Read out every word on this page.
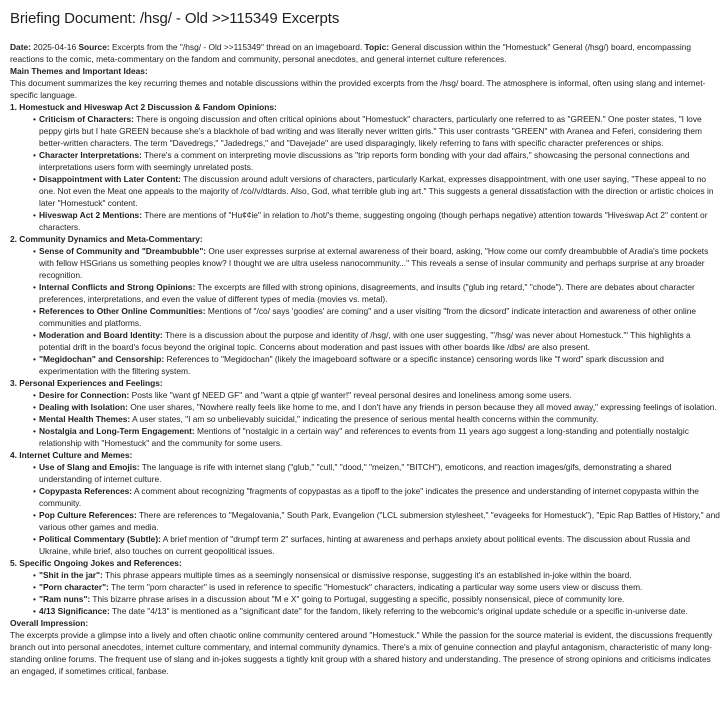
Briefing Document: /hsg/ - Old >>115349 Excerpts

Date: 2025-04-16 Source: Excerpts from the "/hsg/ - Old >>115349" thread on an imageboard. Topic: General discussion within the "Homestuck" General (/hsg/) board, encompassing reactions to the comic, meta-commentary on the fandom and community, personal anecdotes, and general internet culture references.

Main Themes and Important Ideas:

This document summarizes the key recurring themes and notable discussions within the provided excerpts from the /hsg/ board. The atmosphere is informal, often using slang and internet-specific language.

1. Homestuck and Hiveswap Act 2 Discussion & Fandom Opinions:

• Criticism of Characters: There is ongoing discussion and often critical opinions about "Homestuck" characters, particularly one referred to as "GREEN." One poster states, "I love peppy girls but I hate GREEN because she's a blackhole of bad writing and was literally never written girls." This user contrasts "GREEN" with Aranea and Feferi, considering them better-written characters. The term "Davedregs," "Jadedregs," and "Davejade" are used disparagingly, likely referring to fans with specific character preferences or ships.
• Character Interpretations: There's a comment on interpreting movie discussions as "trip reports form bonding with your dad affairs," showcasing the personal connections and interpretations users form with seemingly unrelated posts.
• Disappointment with Later Content: The discussion around adult versions of characters, particularly Karkat, expresses disappointment, with one user saying, "These appeal to no one. Not even the Meat one appeals to the majority of /co//v/dtards. Also, God, what terrible glub ing art." This suggests a general dissatisfaction with the direction or artistic choices in later "Homestuck" content.
• Hiveswap Act 2 Mentions: There are mentions of "Hu¢¢ie" in relation to /hot/'s theme, suggesting ongoing (though perhaps negative) attention towards "Hiveswap Act 2" content or characters.

2. Community Dynamics and Meta-Commentary:

• Sense of Community and "Dreambubble": One user expresses surprise at external awareness of their board, asking, "How come our comfy dreambubble of Aradia's time pockets with fellow HSGrians us something peoples know? I thought we are ultra useless nanocommunity..." This reveals a sense of insular community and perhaps surprise at any broader recognition.
• Internal Conflicts and Strong Opinions: The excerpts are filled with strong opinions, disagreements, and insults ("glub ing retard," "chode"). There are debates about character preferences, interpretations, and even the value of different types of media (movies vs. metal).
• References to Other Online Communities: Mentions of "/co/ says 'goodies' are coming" and a user visiting "from the dicsord" indicate interaction and awareness of other online communities and platforms.
• Moderation and Board Identity: There is a discussion about the purpose and identity of /hsg/, with one user suggesting, "'/hsg/ was never about Homestuck.'" This highlights a potential drift in the board's focus beyond the original topic. Concerns about moderation and past issues with other boards like /dbs/ are also present.
• "Megidochan" and Censorship: References to "Megidochan" (likely the imageboard software or a specific instance) censoring words like "f word" spark discussion and experimentation with the filtering system.

3. Personal Experiences and Feelings:

• Desire for Connection: Posts like "want gf NEED GF" and "want a qtpie gf wanter!" reveal personal desires and loneliness among some users.
• Dealing with Isolation: One user shares, "Nowhere really feels like home to me, and I don't have any friends in person because they all moved away," expressing feelings of isolation.
• Mental Health Themes: A user states, "I am so unbelievably suicidal," indicating the presence of serious mental health concerns within the community.
• Nostalgia and Long-Term Engagement: Mentions of "nostalgic in a certain way" and references to events from 11 years ago suggest a long-standing and potentially nostalgic relationship with "Homestuck" and the community for some users.

4. Internet Culture and Memes:

• Use of Slang and Emojis: The language is rife with internet slang ("glub," "cull," "dood," "meizen," "BITCH"), emoticons, and reaction images/gifs, demonstrating a shared understanding of internet culture.
• Copypasta References: A comment about recognizing "fragments of copypastas as a tipoff to the joke" indicates the presence and understanding of internet copypasta within the community.
• Pop Culture References: There are references to "Megalovania," South Park, Evangelion ("LCL submersion stylesheet," "evageeks for Homestuck"), "Epic Rap Battles of History," and various other games and media.
• Political Commentary (Subtle): A brief mention of "drumpf term 2" surfaces, hinting at awareness and perhaps anxiety about political events. The discussion about Russia and Ukraine, while brief, also touches on current geopolitical issues.

5. Specific Ongoing Jokes and References:

• "Shit in the jar": This phrase appears multiple times as a seemingly nonsensical or dismissive response, suggesting it's an established in-joke within the board.
• "Porn character": The term "porn character" is used in reference to specific "Homestuck" characters, indicating a particular way some users view or discuss them.
• "Ram nuns": This bizarre phrase arises in a discussion about "M e X" going to Portugal, suggesting a specific, possibly nonsensical, piece of community lore.
• 4/13 Significance: The date "4/13" is mentioned as a "significant date" for the fandom, likely referring to the webcomic's original update schedule or a specific in-universe date.

Overall Impression:

The excerpts provide a glimpse into a lively and often chaotic online community centered around "Homestuck." While the passion for the source material is evident, the discussions frequently branch out into personal anecdotes, internet culture commentary, and internal community dynamics. There's a mix of genuine connection and playful antagonism, characteristic of many long-standing online forums. The frequent use of slang and in-jokes suggests a tightly knit group with a shared history and understanding. The presence of strong opinions and criticisms indicates an engaged, if sometimes critical, fanbase.
